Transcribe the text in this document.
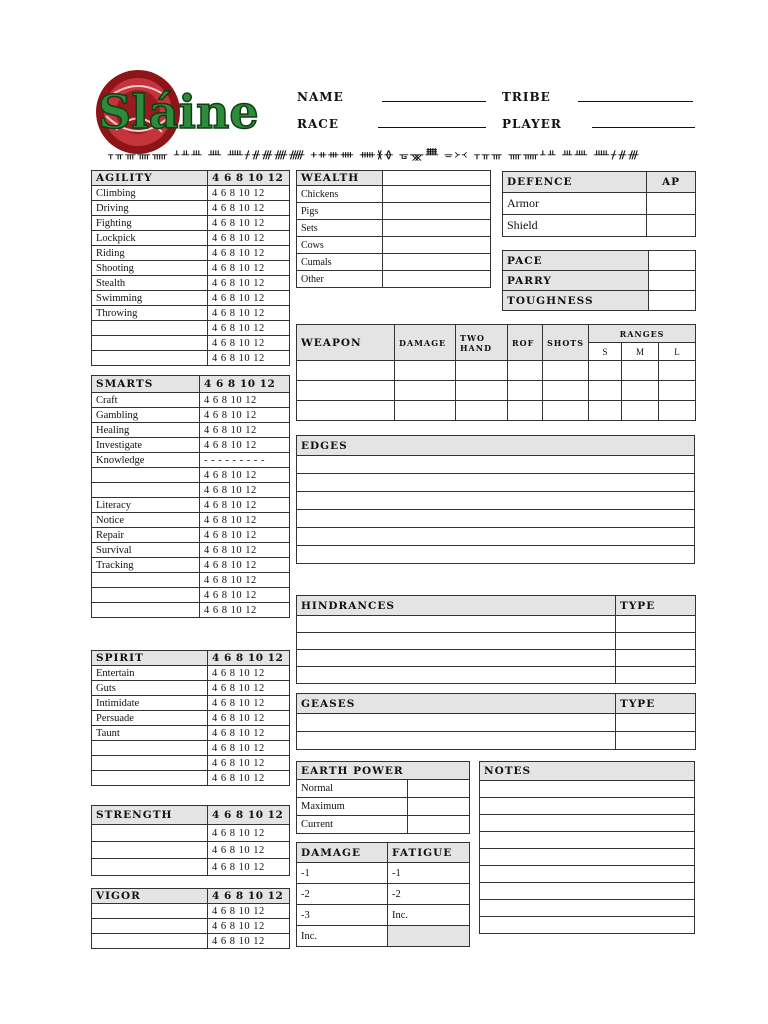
Sláine	NAME	TRIBE
RACE	PLAYER
ᚁᚂᚃᚄᚅ ᚆᚇᚈ ᚉ ᚊᚋᚌᚍᚎᚏ ᚐᚑᚒᚓ ᚔᚕᚖ ᚗᚘᚙ ᚚ᚛᚜ ᚁᚂᚃ ᚄᚅᚆᚇ ᚈᚉ ᚊᚋᚌᚍ
AGILITY	4 6 8 10 12
Climbing	4 6 8 10 12
Driving	4 6 8 10 12
Fighting	4 6 8 10 12
Lockpick	4 6 8 10 12
Riding	4 6 8 10 12
Shooting	4 6 8 10 12
Stealth	4 6 8 10 12
Swimming	4 6 8 10 12
Throwing	4 6 8 10 12
	4 6 8 10 12
	4 6 8 10 12
	4 6 8 10 12
SMARTS	4 6 8 10 12
Craft	4 6 8 10 12
Gambling	4 6 8 10 12
Healing	4 6 8 10 12
Investigate	4 6 8 10 12
Knowledge	- - - - - - - - -
	4 6 8 10 12
	4 6 8 10 12
Literacy	4 6 8 10 12
Notice	4 6 8 10 12
Repair	4 6 8 10 12
Survival	4 6 8 10 12
Tracking	4 6 8 10 12
	4 6 8 10 12
	4 6 8 10 12
	4 6 8 10 12
SPIRIT	4 6 8 10 12
Entertain	4 6 8 10 12
Guts	4 6 8 10 12
Intimidate	4 6 8 10 12
Persuade	4 6 8 10 12
Taunt	4 6 8 10 12
	4 6 8 10 12
	4 6 8 10 12
	4 6 8 10 12
STRENGTH	4 6 8 10 12
	4 6 8 10 12
	4 6 8 10 12
	4 6 8 10 12
VIGOR	4 6 8 10 12
	4 6 8 10 12
	4 6 8 10 12
	4 6 8 10 12
WEALTH	
Chickens	
Pigs	
Sets	
Cows	
Cumals	
Other	
DEFENCE	AP
Armor	
Shield	
PACE	
PARRY	
TOUGHNESS	
WEAPON	DAMAGE	TWO HAND	ROF	SHOTS	RANGES		
					S	M	L

EDGES

HINDRANCES	TYPE

GEASES	TYPE

EARTH POWER	
Normal	
Maximum	
Current	
DAMAGE	FATIGUE
-1	-1
-2	-2
-3	Inc.
Inc.	
NOTES
